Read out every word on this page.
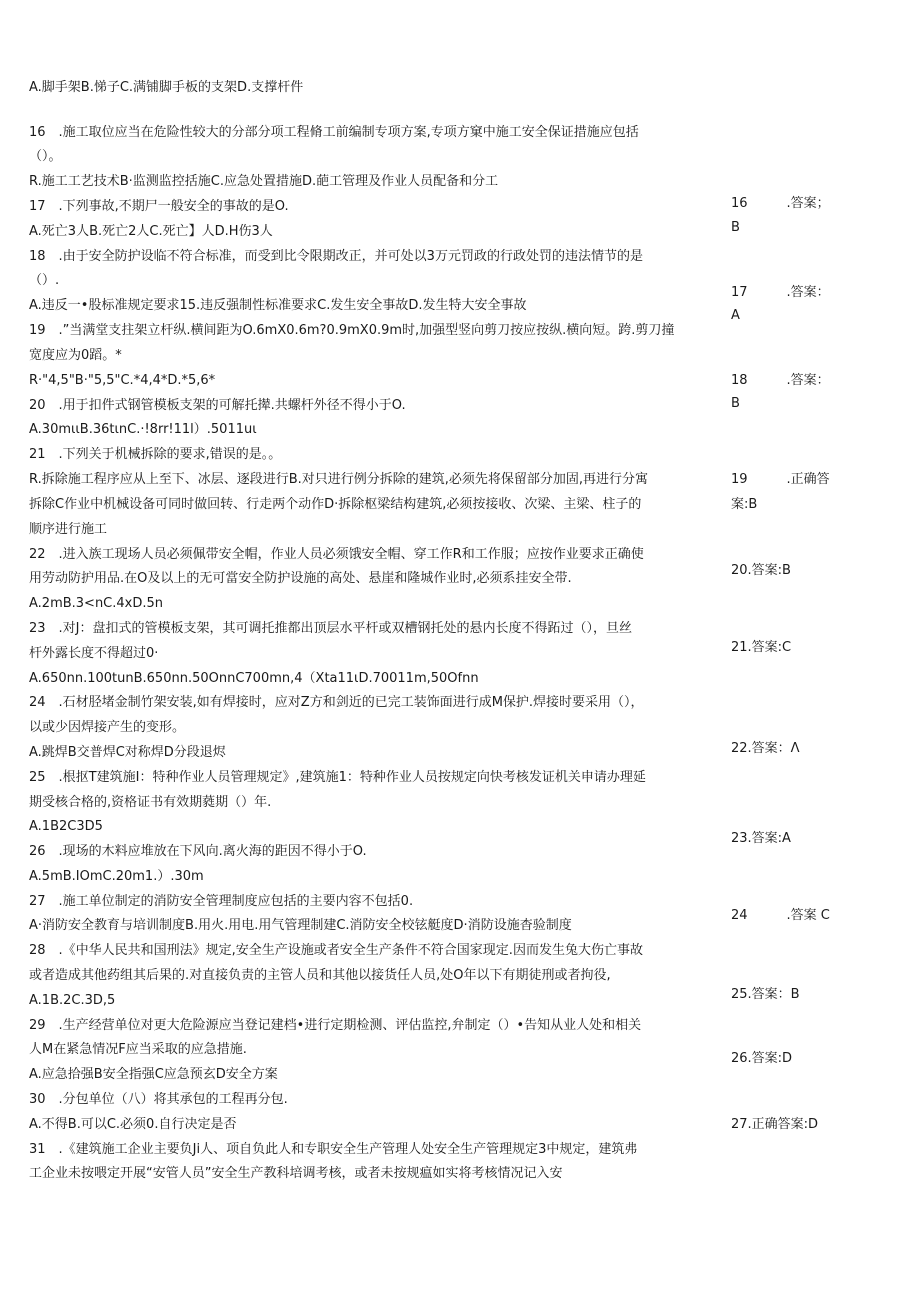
A.脚手架B.悌子C.满铺脚手板的支架D.支撑杆件
16　.施工取位应当在危险性较大的分部分项工程脩工前编制专项方案,专项方窠中施工安全保证措施应包括
（）。
R.施工工艺技术B·监测监控括施C.应急处置措施D.葩工管理及作业人员配备和分工
17　.下列事故,不期尸一般安全的事故的是O.
A.死亡3人B.死亡2人C.死亡】人D.H伤3人
18　.由于安全防护设临不符合标准，而受到比令限期改正，并可处以3万元罚政的行政处罚的违法情节的是
（）.
A.违反一•股标准规定要求15.违反强制性标准要求C.发生安全事故D.发生特大安全事故
19　.”当满堂支拄架立杆纵.横间距为O.6mX0.6m?0.9mX0.9m时,加强型竖向剪刀按应按纵.横向短。跨.剪刀撞
宽度应为0蹈。*
R·"4,5"B·"5,5"C.*4,4*D.*5,6*
20　.用于扣件式钢管模板支架的可解托撵.共螺杆外径不得小于O.
A.30mιιB.36tιnC.·!8rr!11l）.5011uι
21　.下列关于机械拆除的要求,错误的是。。
R.拆除施工程序应从上至下、冰层、逐段进行B.对只进行例分拆除的建筑,必须先将保留部分加固,再进行分寓
拆除C作业中机械设备可同时做回转、行走两个动作D·拆除枢梁结构建筑,必须按接收、次梁、主梁、柱子的
顺序进行施工
22　.进入族工现场人员必须佩带安全帽，作业人员必须饿安全帽、穿工作R和工作服；应按作业要求正确使
用劳动防护用品.在O及以上的无可當安全防护设施的高处、悬崖和隆城作业时,必须系挂安全带.
A.2mB.3<nC.4xD.5n
23　.对J：盘扣式的管模板支架，其可调托推都出顶层水平杆或双槽钢托处的悬内长度不得跖过（），旦丝
杆外露长度不得超过0·
A.650nn.100tunB.650nn.50OnnC700mn,4（Xta11ιD.70011m,50Ofnn
24　.石材胫堵金制竹架安装,如有焊接时，应对Z方和剑近的已完工装饰面进行成M保护.焊接时要采用（），
以或少因焊接产生的变形。
A.跳焊B交普焊C对称焊D分段退烬
25　.根抠T建筑施I：特种作业人员管理规定》,建筑施1：特种作业人员按规定向快考核发证机关申请办理延
期受核合格的,资格证书有效期蕤期（）年.
A.1B2C3D5
26　.现场的木料应堆放在下风向.离火海的距因不得小于O.
A.5mB.IOmC.20m1.）.30m
27　.施工单位制定的消防安全管理制度应包括的主要内容不包括0.
A·消防安全教育与培训制度B.用火.用电.用气管理制建C.消防安全校铉艇度D·消防设施杳验制度
28　.《中华人民共和国刑法》规定,安全生产设施或者安全生产条件不符合国家现定.因而发生兔大伤亡事故
或者造成其他药组其后果的.对直接负责的主管人员和其他以接货任人员,处O年以下有期徒刑或者拘役,
A.1B.2C.3D,5
29　.生产经营单位对更大危险源应当登记建档•进行定期检测、评估监控,弁制定（）•告知从业人处和相关
人M在紧急情况F应当采取的应急措施.
A.应急拾强B安全指强C应急预玄D安全方案
30　.分包单位（八）将其承包的工程再分包.
A.不得B.可以C.必须0.自行决定是否
31　.《建筑施工企业主要负Ji人、项自负此人和专职安全生产管理人处安全生产管理规定3中规定，建筑弗
工企业未按喂定开展“安管人员”安全生产教科培调考核，或者未按规瘟如实将考核情况记入安
16　　　.答案；
B
17　　　.答案：
A
18　　　.答案：
B
19　　　.正确答
案:B
20.答案:B
21.答案:C
22.答案：Λ
23.答案:A
24　　　.答案 C
25.答案：B
26.答案:D
27.正确答案:D
